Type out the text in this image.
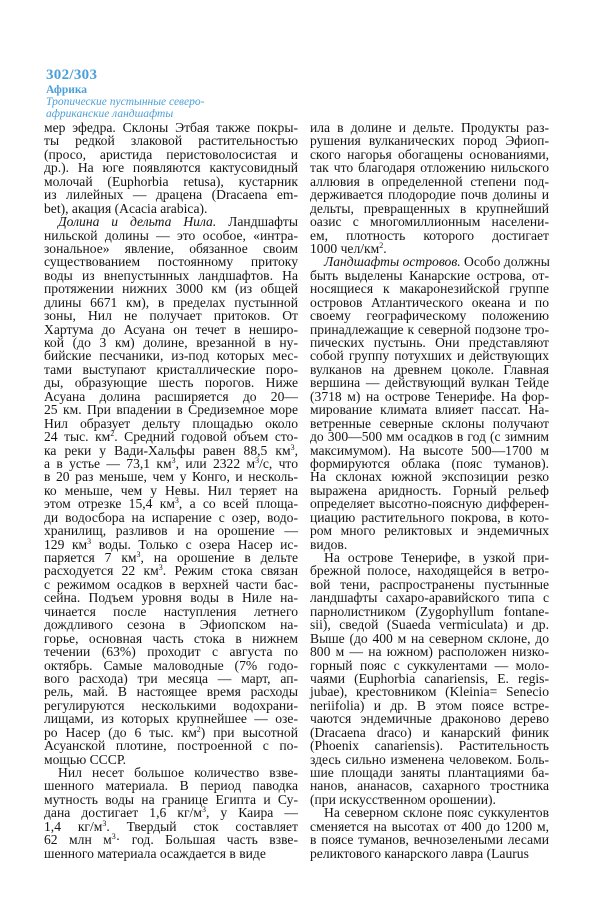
302/303
Африка
Тропические пустынные северо-
африканские ландшафты
мер эфедра. Склоны Этбая также покры-
ты редкой злаковой растительностью
(просо, аристида перистоволосистая и
др.). На юге появляются кактусовидный
молочай (Euphorbia retusa), кустарник
из лилейных — драцена (Dracaena em-
bet), акация (Acacia arabica).
Долина и дельта Нила. Ландшафты
нильской долины — это особое, «интра-
зональное» явление, обязанное своим
существованием постоянному притоку
воды из внепустынных ландшафтов. На
протяжении нижних 3000 км (из общей
длины 6671 км), в пределах пустынной
зоны, Нил не получает притоков. От
Хартума до Асуана он течет в неширо-
кой (до 3 км) долине, врезанной в ну-
бийские песчаники, из-под которых мес-
тами выступают кристаллические поро-
ды, образующие шесть порогов. Ниже
Асуана долина расширяется до 20—
25 км. При впадении в Средиземное море
Нил образует дельту площадью около
24 тыс. $км^2$. Средний годовой объем сто-
ка реки у Вади-Хальфы равен 88,5 $км^3$,
а в устье — 73,1 $км^3$, или 2322 $м^3/с$, что
в 20 раз меньше, чем у Конго, и несколь-
ко меньше, чем у Невы. Нил теряет на
этом отрезке 15,4 $км^3$, а со всей площа-
ди водосбора на испарение с озер, водо-
хранилищ, разливов и на орошение —
129 $км^3$ воды. Только с озера Насер ис-
паряется 7 $км^3$, на орошение в дельте
расходуется 22 $км^3$. Режим стока связан
с режимом осадков в верхней части бас-
сейна. Подъем уровня воды в Ниле на-
чинается после наступления летнего
дождливого сезона в Эфиопском на-
горье, основная часть стока в нижнем
течении (63%) проходит с августа по
октябрь. Самые маловодные (7% годо-
вого расхода) три месяца — март, ап-
рель, май. В настоящее время расходы
регулируются несколькими водохрани-
лищами, из которых крупнейшее — озе-
ро Насер (до 6 тыс. $км^2$) при высотной
Асуанской плотине, построенной с по-
мощью СССР.
Нил несет большое количество взве-
шенного материала. В период паводка
мутность воды на границе Египта и Су-
дана достигает 1,6 $кг/м^3$, у Каира —
1,4 $кг/м^3$. Твердый сток составляет
62 млн $м^3\cdot$ год. Большая часть взве-
шенного материала осаждается в виде
ила в долине и дельте. Продукты раз-
рушения вулканических пород Эфиоп-
ского нагорья обогащены основаниями,
так что благодаря отложению нильского
аллювия в определенной степени под-
держивается плодородие почв долины и
дельты, превращенных в крупнейший
оазис с многомиллионным населени-
ем, плотность которого достигает
1000 чел/$км^2$.
Ландшафты островов. Особо должны
быть выделены Канарские острова, от-
носящиеся к макаронезийской группе
островов Атлантического океана и по
своему географическому положению
принадлежащие к северной подзоне тро-
пических пустынь. Они представляют
собой группу потухших и действующих
вулканов на древнем цоколе. Главная
вершина — действующий вулкан Тейде
(3718 м) на острове Тенерифе. На фор-
мирование климата влияет пассат. На-
ветренные северные склоны получают
до 300—500 мм осадков в год (с зимним
максимумом). На высоте 500—1700 м
формируются облака (пояс туманов).
На склонах южной экспозиции резко
выражена аридность. Горный рельеф
определяет высотно-поясную дифферен-
циацию растительного покрова, в кото-
ром много реликтовых и эндемичных
видов.
На острове Тенерифе, в узкой при-
брежной полосе, находящейся в ветро-
вой тени, распространены пустынные
ландшафты сахаро-аравийского типа с
парнолистником (Zygophyllum fontane-
sii), сведой (Suaeda vermiculata) и др.
Выше (до 400 м на северном склоне, до
800 м — на южном) расположен низко-
горный пояс с суккулентами — моло-
чаями (Euphorbia canariensis, E. regis-
jubae), крестовником (Kleinia= Senecio
neriifolia) и др. В этом поясе встре-
чаются эндемичные драконово дерево
(Dracaena draco) и канарский финик
(Phoenix canariensis). Растительность
здесь сильно изменена человеком. Боль-
шие площади заняты плантациями ба-
нанов, ананасов, сахарного тростника
(при искусственном орошении).
На северном склоне пояс суккулентов
сменяется на высотах от 400 до 1200 м,
в поясе туманов, вечнозелеными лесами
реликтового канарского лавра (Laurus
